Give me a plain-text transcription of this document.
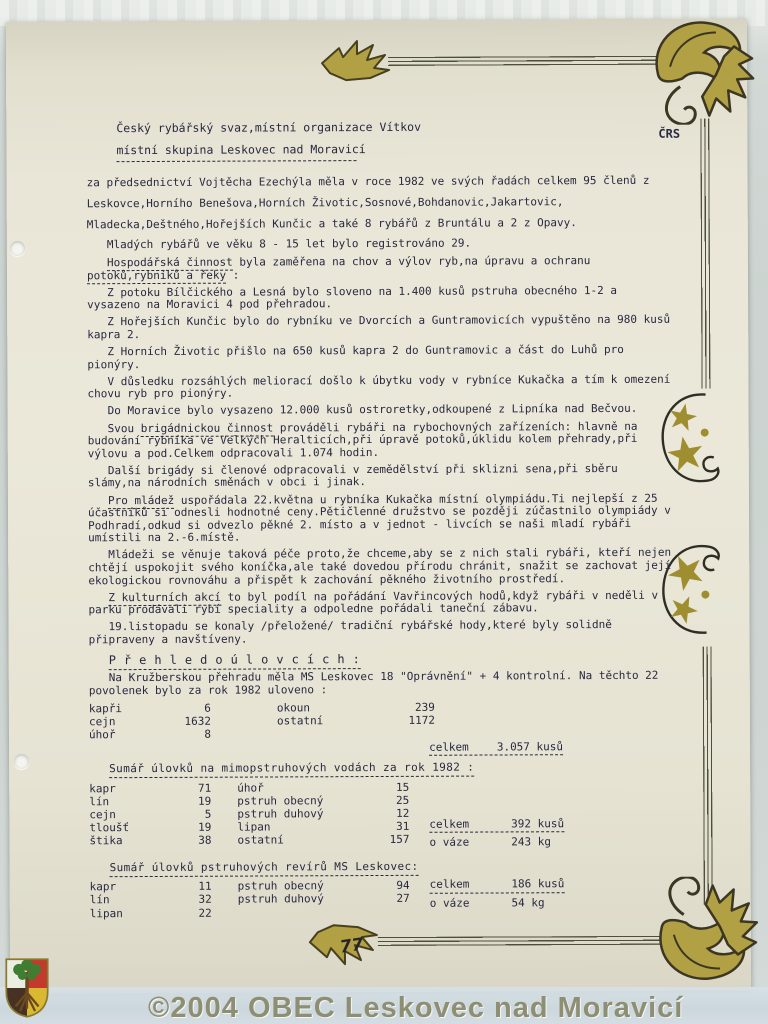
77
ČRS
Český rybářský svaz,místní organizace Vítkov
místní skupina Leskovec nad Moravicí

za předsednictví Vojtěcha Ezechýla měla v roce 1982 ve svých řadách celkem 95 členů z Leskovce,Horního Benešova,Horních Životic,Sosnové,Bohdanovic,Jakartovic, Mladecka,Deštného,Hořejších Kunčic a také 8 rybářů z Bruntálu a 2 z Opavy.

Mladých rybářů ve věku 8 - 15 let bylo registrováno 29.

Hospodářská činnost byla zaměřena na chov a výlov ryb,na úpravu a ochranu potoků,rybníků a řeky :

Z potoku Bílčického a Lesná bylo sloveno na 1.400 kusů pstruha obecného 1-2 a vysazeno na Moravici 4 pod přehradou.

Z Hořejších Kunčic bylo do rybníku ve Dvorcích a Guntramovicích vypuštěno na 980 kusů kapra 2.

Z Horních Životic přišlo na 650 kusů kapra 2 do Guntramovic a část do Luhů pro pionýry.

V důsledku rozsáhlých meliorací došlo k úbytku vody v rybníce Kukačka a tím k omezení chovu ryb pro pionýry.

Do Moravice bylo vysazeno 12.000 kusů ostroretky,odkoupené z Lipníka nad Bečvou.

Svou brigádnickou činnost prováděli rybáři na rybochovných zařízeních: hlavně na budování rybníka ve Velkých Heralticích,při úpravě potoků,úklidu kolem přehrady,při výlovu a pod.Celkem odpracovali 1.074 hodin.

Další brigády si členové odpracovali v zemědělství při sklizni sena,při sběru slámy,na národních směnách v obci i jinak.

Pro mládež uspořádala 22.května u rybníka Kukačka místní olympiádu.Ti nejlepší z 25 účastníků si odnesli hodnotné ceny.Pětičlenné družstvo se později zúčastnilo olympiády v Podhradí,odkud si odvezlo pěkné 2. místo a v jednot - livcích se naši mladí rybáři umístili na 2.-6.místě.

Mládeži se věnuje taková péče proto,že chceme,aby se z nich stali rybáři, kteří nejen chtějí uspokojit svého koníčka,ale také dovedou přírodu chránit, snažit se zachovat její ekologickou rovnováhu a přispět k zachování pěkného životního prostředí.

Z kulturních akcí to byl podíl na pořádání Vavřincových hodů,když rybáři v neděli v parku prodávali rybí speciality a odpoledne pořádali taneční zábavu.

19.listopadu se konaly /přeložené/ tradiční rybářské hody,které byly solidně připraveny a navštíveny.

P ř e h l e d o ú l o v c í c h :

Na Kružberskou přehradu měla MS Leskovec 18 "Oprávnění" + 4 kontrolní. Na těchto 22 povolenek bylo za rok 1982 uloveno :

kapři	6	okoun	239
cejn	1632	ostatní	1172
úhoř	8
celkem	3.057 kusů
Sumář úlovků na mimopstruhových vodách za rok 1982 :
kapr	71 úhoř	15
lín	19 pstruh obecný	25
cejn	5 pstruh duhový	12
tloušť	19 lipan	31
štika	38 ostatní	157
celkem	392 kusů
o váze	243 kg
Sumář úlovků pstruhových revírů MS Leskovec:
kapr	11 pstruh obecný	94
lín	32 pstruh duhový	27
lipan	22
celkem	186 kusů
o váze	54 kg
©2004 OBEC Leskovec nad Moravicí
